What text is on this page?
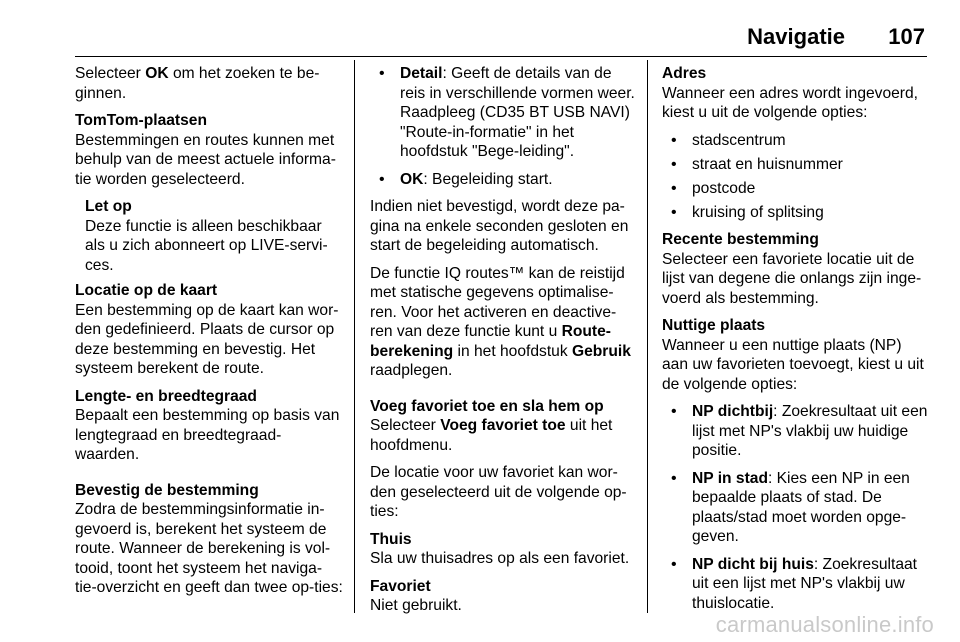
Navigatie 107

Selecteer OK om het zoeken te be-ginnen.

TomTom-plaatsen

Bestemmingen en routes kunnen met behulp van de meest actuele informa-tie worden geselecteerd.

Let op

Deze functie is alleen beschikbaar als u zich abonneert op LIVE-servi-ces.

Locatie op de kaart

Een bestemming op de kaart kan wor-den gedefinieerd. Plaats de cursor op deze bestemming en bevestig. Het systeem berekent de route.

Lengte- en breedtegraad

Bepaalt een bestemming op basis van lengtegraad en breedtegraad-waarden.

Bevestig de bestemming

Zodra de bestemmingsinformatie in-gevoerd is, berekent het systeem de route. Wanneer de berekening is vol-tooid, toont het systeem het naviga-tie-overzicht en geeft dan twee op-ties:

• Detail: Geeft de details van de reis in verschillende vormen weer. Raadpleeg (CD35 BT USB NAVI) "Route-in-formatie" in het hoofdstuk "Bege-leiding".
• OK: Begeleiding start.

Indien niet bevestigd, wordt deze pa-gina na enkele seconden gesloten en start de begeleiding automatisch.

De functie IQ routes™ kan de reistijd met statische gegevens optimalise-ren. Voor het activeren en deactive-ren van deze functie kunt u Route-berekening in het hoofdstuk Gebruik raadplegen.

Voeg favoriet toe en sla hem op

Selecteer Voeg favoriet toe uit het hoofdmenu.

De locatie voor uw favoriet kan wor-den geselecteerd uit de volgende op-ties:

Thuis

Sla uw thuisadres op als een favoriet.

Favoriet

Niet gebruikt.

Adres

Wanneer een adres wordt ingevoerd, kiest u uit de volgende opties:

• stadscentrum
• straat en huisnummer
• postcode
• kruising of splitsing
Recente bestemming

Selecteer een favoriete locatie uit de lijst van degene die onlangs zijn inge-voerd als bestemming.

Nuttige plaats

Wanneer u een nuttige plaats (NP) aan uw favorieten toevoegt, kiest u uit de volgende opties:

• NP dichtbij: Zoekresultaat uit een lijst met NP's vlakbij uw huidige positie.
• NP in stad: Kies een NP in een bepaalde plaats of stad. De plaats/stad moet worden opge-geven.
• NP dicht bij huis: Zoekresultaat uit een lijst met NP's vlakbij uw thuislocatie.
carmanualsonline.info
